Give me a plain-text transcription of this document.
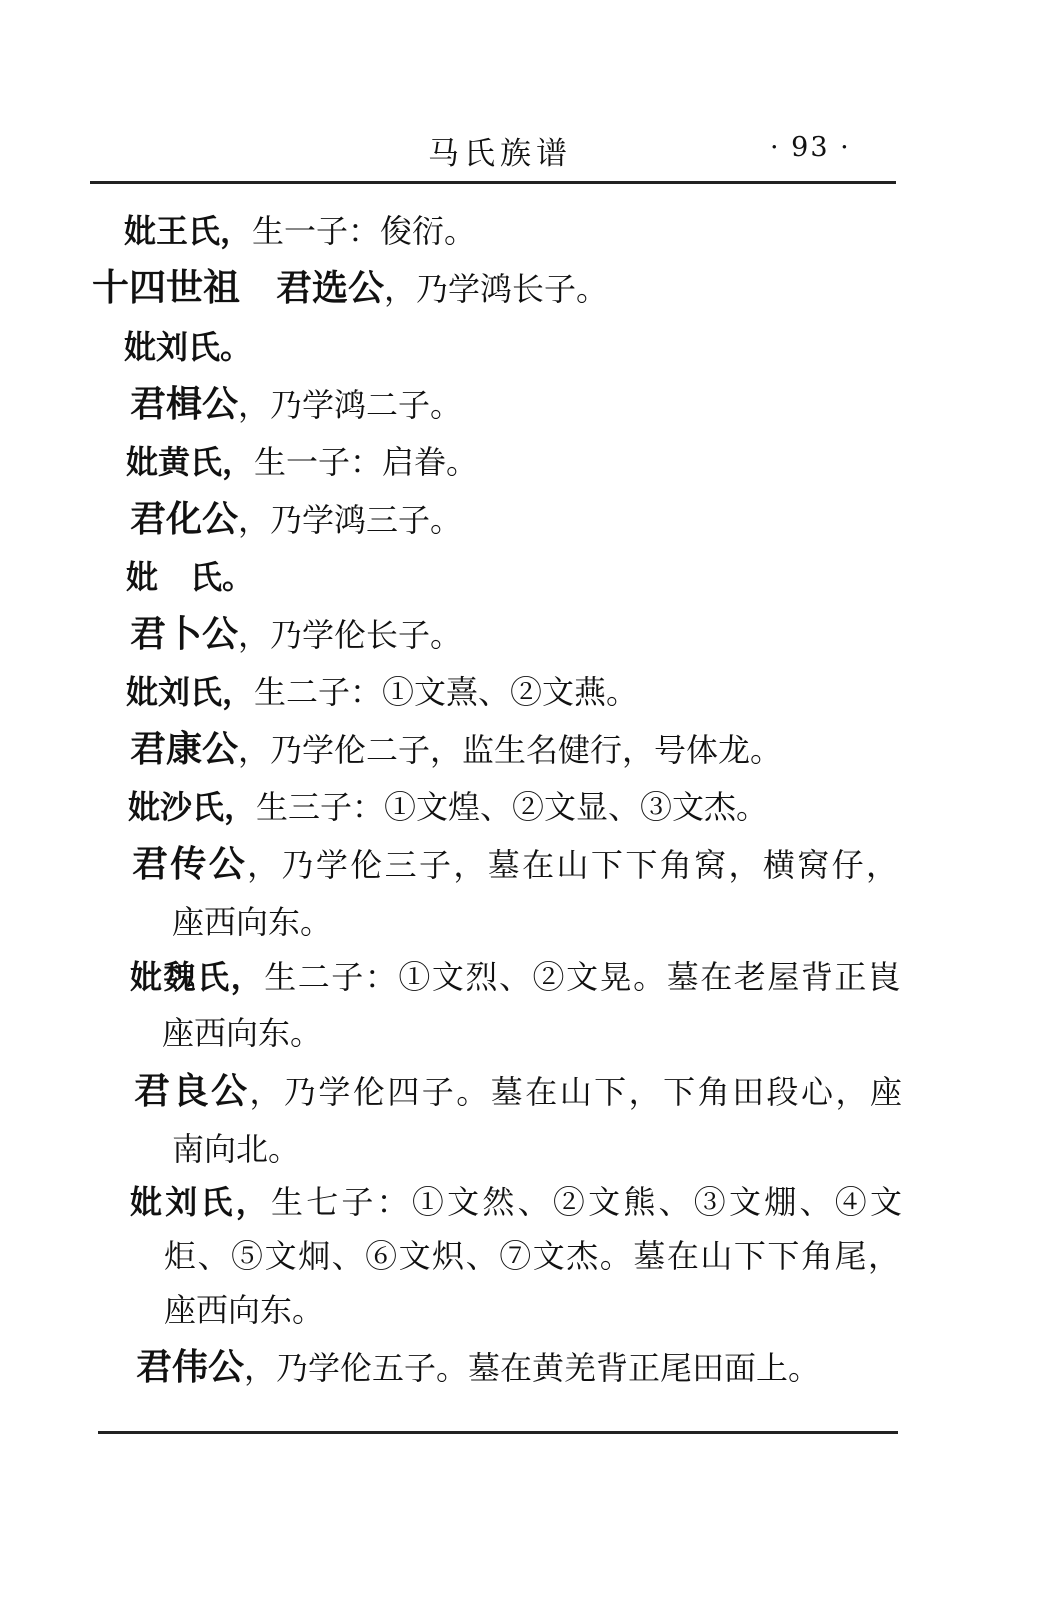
马氏族谱	· 93 ·
妣王氏，生一子：俊衍。
十四世祖 君选公，乃学鸿长子。
妣刘氏。
君楫公，乃学鸿二子。
妣黄氏，生一子：启眷。
君化公，乃学鸿三子。
妣　氏。
君卜公，乃学伦长子。
妣刘氏，生二子：①文熹、②文燕。
君康公，乃学伦二子，监生名健行，号体龙。
妣沙氏，生三子：①文煌、②文显、③文杰。
君传公，乃学伦三子，墓在山下下角窝，横窝仔，
座西向东。
妣魏氏，生二子：①文烈、②文晃。墓在老屋背正崀
座西向东。
君良公，乃学伦四子。墓在山下，下角田段心，座
南向北。
妣刘氏，生七子：①文然、②文熊、③文焩、④文
炬、⑤文炯、⑥文炽、⑦文杰。墓在山下下角尾，
座西向东。
君伟公，乃学伦五子。墓在黄羌背正尾田面上。
